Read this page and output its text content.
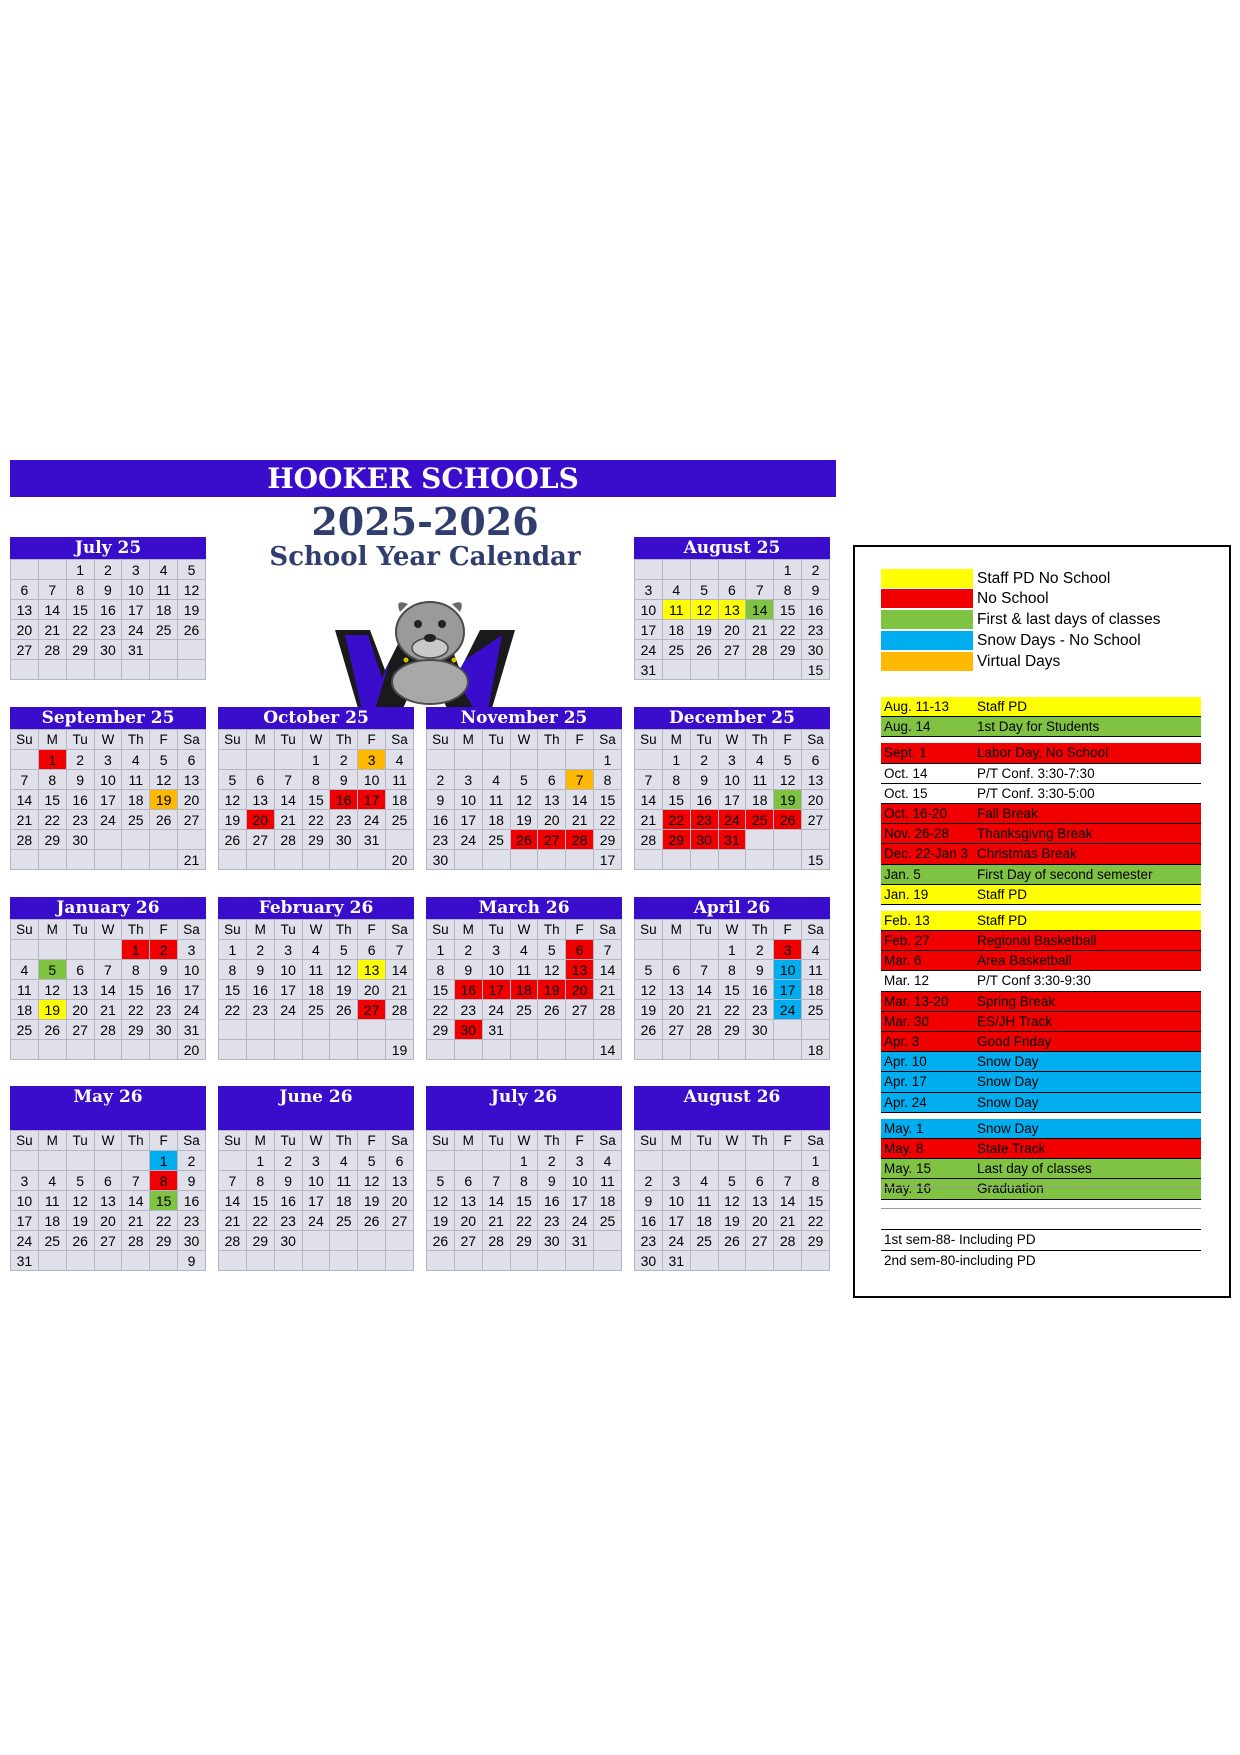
HOOKER SCHOOLS
2025-2026
School Year Calendar
July 25
		1	2	3	4	5
6	7	8	9	10	11	12
13	14	15	16	17	18	19
20	21	22	23	24	25	26
27	28	29	30	31		

August 25
					1	2
3	4	5	6	7	8	9
10	11	12	13	14	15	16
17	18	19	20	21	22	23
24	25	26	27	28	29	30
31						15
September 25
Su	M	Tu	W	Th	F	Sa
	1	2	3	4	5	6
7	8	9	10	11	12	13
14	15	16	17	18	19	20
21	22	23	24	25	26	27
28	29	30				
						21
October 25
Su	M	Tu	W	Th	F	Sa
			1	2	3	4
5	6	7	8	9	10	11
12	13	14	15	16	17	18
19	20	21	22	23	24	25
26	27	28	29	30	31	
						20
November 25
Su	M	Tu	W	Th	F	Sa
						1
2	3	4	5	6	7	8
9	10	11	12	13	14	15
16	17	18	19	20	21	22
23	24	25	26	27	28	29
30						17
December 25
Su	M	Tu	W	Th	F	Sa
	1	2	3	4	5	6
7	8	9	10	11	12	13
14	15	16	17	18	19	20
21	22	23	24	25	26	27
28	29	30	31			
						15
January 26
Su	M	Tu	W	Th	F	Sa
				1	2	3
4	5	6	7	8	9	10
11	12	13	14	15	16	17
18	19	20	21	22	23	24
25	26	27	28	29	30	31
						20
February 26
Su	M	Tu	W	Th	F	Sa
1	2	3	4	5	6	7
8	9	10	11	12	13	14
15	16	17	18	19	20	21
22	23	24	25	26	27	28

						19
March 26
Su	M	Tu	W	Th	F	Sa
1	2	3	4	5	6	7
8	9	10	11	12	13	14
15	16	17	18	19	20	21
22	23	24	25	26	27	28
29	30	31				
						14
April 26
Su	M	Tu	W	Th	F	Sa
			1	2	3	4
5	6	7	8	9	10	11
12	13	14	15	16	17	18
19	20	21	22	23	24	25
26	27	28	29	30		
						18
May 26
Su	M	Tu	W	Th	F	Sa
					1	2
3	4	5	6	7	8	9
10	11	12	13	14	15	16
17	18	19	20	21	22	23
24	25	26	27	28	29	30
31						9
June 26
Su	M	Tu	W	Th	F	Sa
	1	2	3	4	5	6
7	8	9	10	11	12	13
14	15	16	17	18	19	20
21	22	23	24	25	26	27
28	29	30				

July 26
Su	M	Tu	W	Th	F	Sa
			1	2	3	4
5	6	7	8	9	10	11
12	13	14	15	16	17	18
19	20	21	22	23	24	25
26	27	28	29	30	31	

August 26
Su	M	Tu	W	Th	F	Sa
						1
2	3	4	5	6	7	8
9	10	11	12	13	14	15
16	17	18	19	20	21	22
23	24	25	26	27	28	29
30	31					
Staff PD No School
No School
First & last days of classes
Snow Days - No School
Virtual Days
Aug. 11-13 Staff PD
Aug. 14	1st Day for Students
Sept. 1	Labor Day, No School
Oct. 14	P/T Conf. 3:30-7:30
Oct. 15	P/T Conf. 3:30-5:00
Oct. 16-20 Fall Break
Nov. 26-28 Thanksgivng Break
Dec. 22-Jan 3 Christmas Break
Jan. 5	First Day of second semester
Jan. 19	Staff PD
Feb. 13	Staff PD
Feb. 27	Regional Basketball
Mar. 6	Area Basketball
Mar. 12	P/T Conf 3:30-9:30
Mar. 13-20 Spring Break
Mar. 30	ES/JH Track
Apr. 3	Good Friday
Apr. 10	Snow Day
Apr. 17	Snow Day
Apr. 24	Snow Day
May. 1	Snow Day
May. 8	State Track
May. 15	Last day of classes
May. 16	Graduation
1st sem-88- Including PD
2nd sem-80-including PD
